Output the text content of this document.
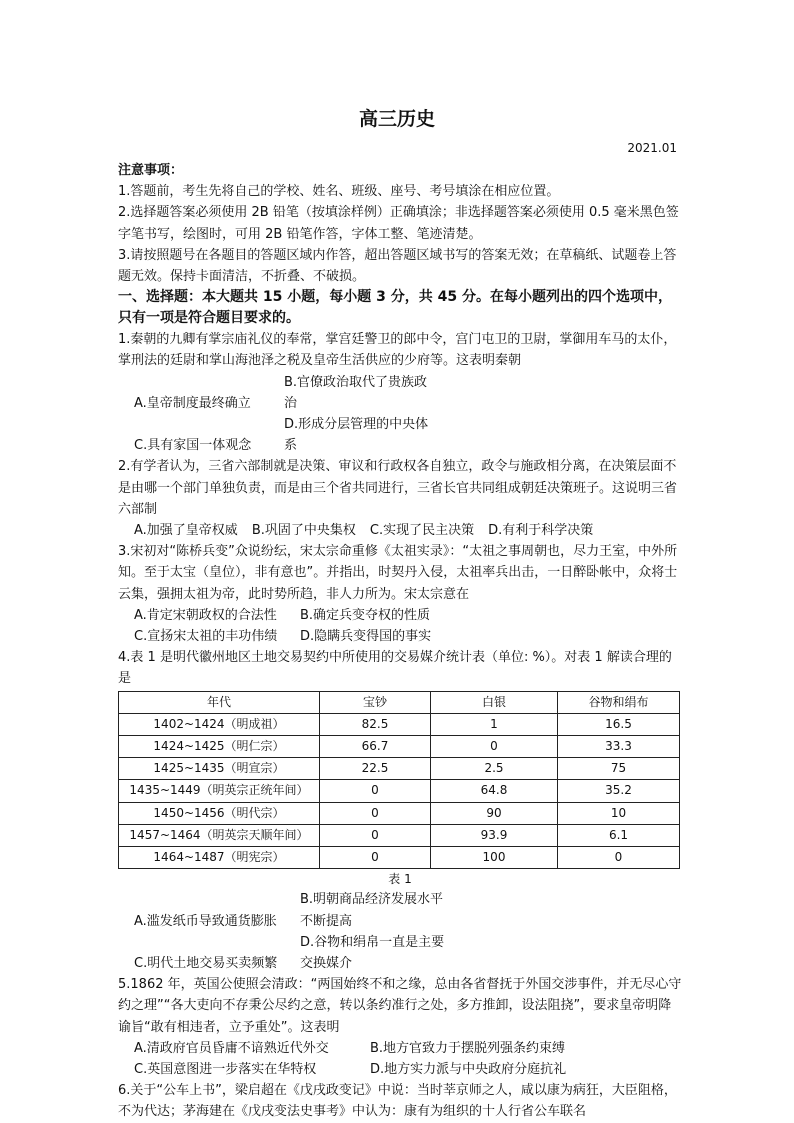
高三历史
2021.01

注意事项：

1.答题前，考生先将自己的学校、姓名、班级、座号、考号填涂在相应位置。

2.选择题答案必须使用 2B 铅笔（按填涂样例）正确填涂；非选择题答案必须使用 0.5 毫米黑色签字笔书写，绘图时，可用 2B 铅笔作答，字体工整、笔迹清楚。

3.请按照题号在各题目的答题区域内作答，超出答题区域书写的答案无效；在草稿纸、试题卷上答题无效。保持卡面清洁，不折叠、不破损。

一、选择题：本大题共 15 小题，每小题 3 分，共 45 分。在每小题列出的四个选项中，只有一项是符合题目要求的。

1.秦朝的九卿有掌宗庙礼仪的奉常，掌宫廷警卫的郎中令，宫门屯卫的卫尉，掌御用车马的太仆，掌刑法的廷尉和掌山海池泽之税及皇帝生活供应的少府等。这表明秦朝

A.皇帝制度最终确立B.官僚政治取代了贵族政治

C.具有家国一体观念D.形成分层管理的中央体系

2.有学者认为，三省六部制就是决策、审议和行政权各自独立，政令与施政相分离，在决策层面不是由哪一个部门单独负责，而是由三个省共同进行，三省长官共同组成朝廷决策班子。这说明三省六部制

A.加强了皇帝权威 B.巩固了中央集权 C.实现了民主决策 D.有利于科学决策

3.宋初对“陈桥兵变”众说纷纭，宋太宗命重修《太祖实录》：“太祖之事周朝也，尽力王室，中外所知。至于太宝（皇位），非有意也”。并指出，时契丹入侵，太祖率兵出击，一日醉卧帐中，众将士云集，强拥太祖为帝，此时势所趋，非人力所为。宋太宗意在

A.肯定宋朝政权的合法性 B.确定兵变夺权的性质

C.宣扬宋太祖的丰功伟绩 D.隐瞒兵变得国的事实

4.表 1 是明代徽州地区土地交易契约中所使用的交易媒介统计表（单位: %）。对表 1 解读合理的是

年代	宝钞	白银	谷物和绢布
1402~1424（明成祖）	82.5	1	16.5
1424~1425（明仁宗）	66.7	0	33.3
1425~1435（明宣宗）	22.5	2.5	75
1435~1449（明英宗正统年间）	0	64.8	35.2
1450~1456（明代宗）	0	90	10
1457~1464（明英宗天顺年间）	0	93.9	6.1
1464~1487（明宪宗）	0	100	0

表 1

A.滥发纸币导致通货膨胀B.明朝商品经济发展水平不断提高

C.明代土地交易买卖频繁D.谷物和绢帛一直是主要交换媒介

5.1862 年，英国公使照会清政：“两国始终不和之缘，总由各省督抚于外国交涉事件，并无尽心守约之理”“各大吏向不存秉公尽约之意，转以条约准行之处，多方推卸，设法阻挠”，要求皇帝明降谕旨“敢有相违者，立予重处”。这表明

A.清政府官员昏庸不谙熟近代外交	B.地方官致力于摆脱列强条约束缚

C.英国意图进一步落实在华特权	D.地方实力派与中央政府分庭抗礼

6.关于“公车上书”，梁启超在《戊戌政变记》中说：当时莘京师之人，咸以康为病狂，大臣阻格，不为代达；茅海建在《戊戌变法史事考》中认为：康有为组织的十人行省公车联名
